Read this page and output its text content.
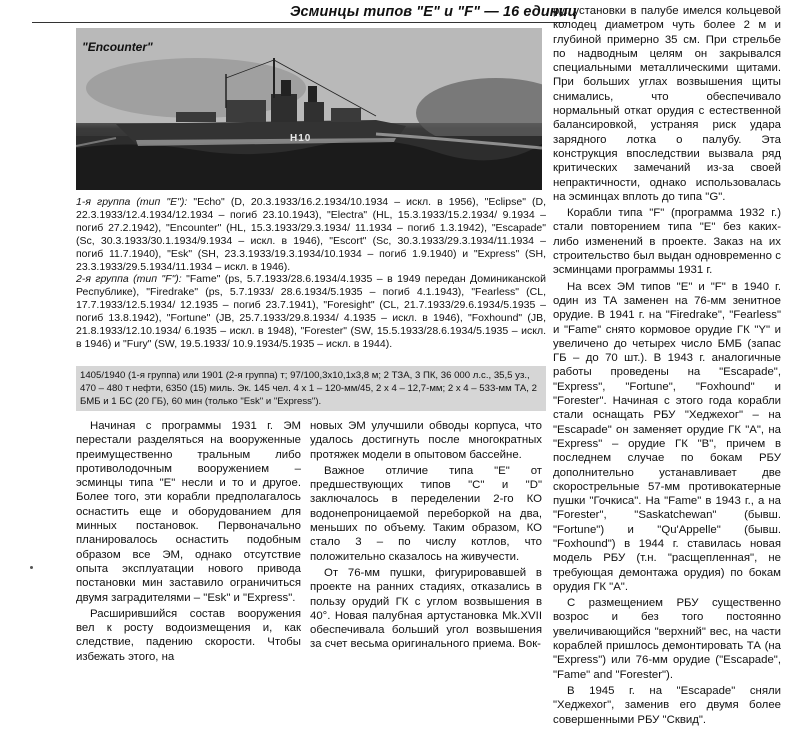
Эсминцы типов "E" и "F" — 16 единиц
"Encounter"
H10

1-я группа (тип "E"): "Echo" (D, 20.3.1933/16.2.1934/10.1934 – искл. в 1956), "Eclipse" (D, 22.3.1933/12.4.1934/12.1934 – погиб 23.10.1943), "Electra" (HL, 15.3.1933/15.2.1934/ 9.1934 – погиб 27.2.1942), "Encounter" (HL, 15.3.1933/29.3.1934/ 11.1934 – погиб 1.3.1942), "Escapade" (Sc, 30.3.1933/30.1.1934/9.1934 – искл. в 1946), "Escort" (Sc, 30.3.1933/29.3.1934/11.1934 – погиб 11.7.1940), "Esk" (SH, 23.3.1933/19.3.1934/10.1934 – погиб 1.9.1940) и "Express" (SH, 23.3.1933/29.5.1934/11.1934 – искл. в 1946).

2-я группа (тип "F"): "Fame" (ps, 5.7.1933/28.6.1934/4.1935 – в 1949 передан Доминиканской Республике), "Firedrake" (ps, 5.7.1933/ 28.6.1934/5.1935 – погиб 4.1.1943), "Fearless" (CL, 17.7.1933/12.5.1934/ 12.1935 – погиб 23.7.1941), "Foresight" (CL, 21.7.1933/29.6.1934/5.1935 – погиб 13.8.1942), "Fortune" (JB, 25.7.1933/29.8.1934/ 4.1935 – искл. в 1946), "Foxhound" (JB, 21.8.1933/12.10.1934/ 6.1935 – искл. в 1948), "Forester" (SW, 15.5.1933/28.6.1934/5.1935 – искл. в 1946) и "Fury" (SW, 19.5.1933/ 10.9.1934/5.1935 – искл. в 1944).

1405/1940 (1-я группа) или 1901 (2-я группа) т; 97/100,3x10,1x3,8 м; 2 ТЗА, 3 ПК, 36 000 л.с., 35,5 уз., 470 – 480 т нефти, 6350 (15) миль. Эк. 145 чел. 4 х 1 – 120-мм/45, 2 х 4 – 12,7-мм; 2 х 4 – 533-мм ТА, 2 БМБ и 1 БС (20 ГБ), 60 мин (только "Esk" и "Express").

Начиная с программы 1931 г. ЭМ перестали разделяться на вооруженные преимущественно тральным либо противолодочным вооружением – эсминцы типа "E" несли и то и другое. Более того, эти корабли предполагалось оснастить еще и оборудованием для минных постановок. Первоначально планировалось оснастить подобным образом все ЭМ, однако отсутствие опыта эксплуатации нового привода постановки мин заставило ограничиться двумя заградителями – "Esk" и "Express".

Расширившийся состав вооружения вел к росту водоизмещения и, как следствие, падению скорости. Чтобы избежать этого, на

новых ЭМ улучшили обводы корпуса, что удалось достигнуть после многократных протяжек модели в опытовом бассейне.

Важное отличие типа "E" от предшествующих типов "C" и "D" заключалось в переделении 2-го КО водонепроницаемой переборкой на два, меньших по объему. Таким образом, КО стало 3 – по числу котлов, что положительно сказалось на живучести.

От 76-мм пушки, фигурировавшей в проекте на ранних стадиях, отказались в пользу орудий ГК с углом возвышения в 40°. Новая палубная артустановка Mk.XVII обеспечивала больший угол возвышения за счет весьма оригинального приема. Вок-

руг установки в палубе имелся кольцевой колодец диаметром чуть более 2 м и глубиной примерно 35 см. При стрельбе по надводным целям он закрывался специальными металлическими щитами. При больших углах возвышения щиты снимались, что обеспечивало нормальный откат орудия с естественной балансировкой, устраняя риск удара зарядного лотка о палубу. Эта конструкция впоследствии вызвала ряд критических замечаний из-за своей непрактичности, однако использовалась на эсминцах вплоть до типа "G".

Корабли типа "F" (программа 1932 г.) стали повторением типа "E" без каких-либо изменений в проекте. Заказ на их строительство был выдан одновременно с эсминцами программы 1931 г.

На всех ЭМ типов "E" и "F" в 1940 г. один из ТА заменен на 76-мм зенитное орудие. В 1941 г. на "Firedrake", "Fearless" и "Fame" снято кормовое орудие ГК "Y" и увеличено до четырех число БМБ (запас ГБ – до 70 шт.). В 1943 г. аналогичные работы проведены на "Escapade", "Express", "Fortune", "Foxhound" и "Forester". Начиная с этого года корабли стали оснащать РБУ "Хеджехог" – на "Escapade" он заменяет орудие ГК "A", на "Express" – орудие ГК "B", причем в последнем случае по бокам РБУ дополнительно устанавливает две скорострельные 57-мм противокатерные пушки "Гочкиса". На "Fame" в 1943 г., а на "Forester", "Saskatchewan" (бывш. "Fortune") и "Qu'Appelle" (бывш. "Foxhound") в 1944 г. ставилась новая модель РБУ (т.н. "расщепленная", не требующая демонтажа орудия) по бокам орудия ГК "A".

С размещением РБУ существенно возрос и без того постоянно увеличивающийся "верхний" вес, на части кораблей пришлось демонтировать ТА (на "Express") или 76-мм орудие ("Escapade", "Fame" and "Forester").

В 1945 г. на "Escapade" сняли "Хеджехог", заменив его двумя более совершенными РБУ "Сквид".
